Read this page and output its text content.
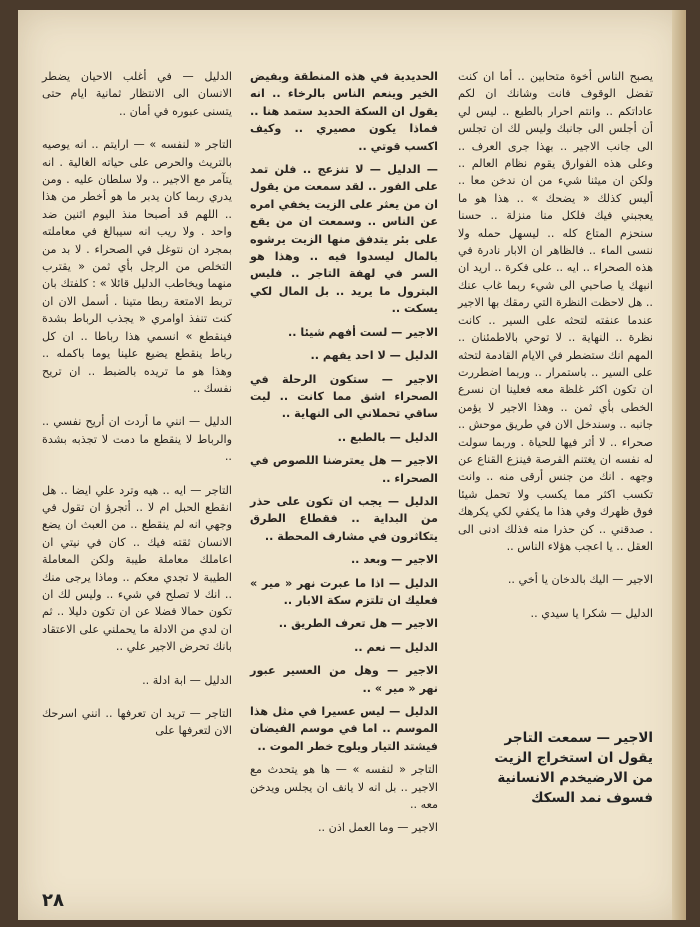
يصبح الناس أخوة متحابين .. أما ان كنت تفضل الوقوف فانت وشانك ان لكم عاداتكم .. وانتم احرار بالطبع .. ليس لي أن أجلس الى جانبك وليس لك ان تجلس الى جانب الاجير .. بهذا جرى العرف .. وعلى هذه الفوارق يقوم نظام العالم .. ولكن ان ميثنا شيء من ان ندخن معا .. أليس كذلك « يضحك » .. هذا هو ما يعجبني فيك فلكل منا منزلة .. حسنا سنحزم المتاع كله .. ليسهل حمله ولا ننسى الماء .. فالظاهر ان الابار نادرة في هذه الصحراء .. ايه .. على فكرة .. اريد ان انبهك يا صاحبي الى شيء ربما غاب عنك .. هل لاحظت النظرة التي رمقك بها الاجير عندما عنفته لتحثه على السير .. كانت نظرة .. النهاية .. لا توحي بالاطمئنان .. المهم انك ستضطر في الايام القادمة لتحثه على السير .. باستمرار .. وربما اضطررت ان تكون اكثر غلظة معه فعلينا ان نسرع الخطى بأي ثمن .. وهذا الاجير لا يؤمن جانبه .. وسندخل الان في طريق موحش .. صحراء .. لا أثر فيها للحياة . وربما سولت له نفسه ان يغتنم الفرصة فينزع القناع عن وجهه . انك من جنس أرقى منه .. وانت تكسب اكثر مما يكسب ولا تحمل شيئا فوق ظهرك وفي هذا ما يكفي لكي يكرهك . صدقني .. كن حذرا منه فذلك ادنى الى العقل .. يا اعجب هؤلاء الناس ..

الاجير — اليك بالدخان يا أخي ..

الدليل — شكرا يا سيدي ..

الاجير — سمعت التاجر يقول ان استخراج الزيت من الارضيخدم الانسانية فسوف نمد السكك

الحديدية في هذه المنطقة وبفيض الخير وينعم الناس بالرخاء .. انه يقول ان السكة الحديد ستمد هنا .. فماذا يكون مصيري .. وكيف اكسب قوتي ..

— الدليل — لا تنزعج .. فلن تمد على الفور .. لقد سمعت من يقول ان من يعثر على الزيت يخفي امره عن الناس .. وسمعت ان من يقع على بئر يتدفق منها الزيت يرشوه بالمال ليسدوا فيه .. وهذا هو السر في لهفة التاجر .. فليس البترول ما يريد .. بل المال لكي يسكت ..

الاجير — لست أفهم شيئا ..

الدليل — لا احد يفهم ..

الاجير — ستكون الرحلة في الصحراء اشق مما كانت .. ليت ساقي تحملاني الى النهاية ..

الدليل — بالطبع ..

الاجير — هل يعترضنا اللصوص في الصحراء ..

الدليل — يجب ان تكون على حذر من البداية .. فقطاع الطرق يتكاثرون في مشارف المحطة ..

الاجير — وبعد ..

الدليل — اذا ما عبرت نهر « مير » فعليك ان تلتزم سكة الابار ..

الاجير — هل تعرف الطريق ..

الدليل — نعم ..

الاجير — وهل من العسير عبور نهر « مير » ..

الدليل — ليس عسيرا في مثل هذا الموسم .. اما في موسم الفيضان فيشتد التيار ويلوح خطر الموت ..

التاجر « لنفسه » — ها هو يتحدث مع الاجير .. بل انه لا يانف ان يجلس ويدخن معه ..

الاجير — وما العمل اذن ..

الدليل — في أغلب الاحيان يضطر الانسان الى الانتظار ثمانية ايام حتى يتسنى عبوره في أمان ..

التاجر « لنفسه » — ارايتم .. انه يوصيه بالتريث والحرص على حياته الغالية . انه يتآمر مع الاجير .. ولا سلطان عليه . ومن يدري ربما كان يدبر ما هو أخطر من هذا .. اللهم قد أصبحا منذ اليوم اثنين ضد واحد . ولا ريب انه سيبالغ في معاملته بمجرد ان نتوغل في الصحراء . لا بد من التخلص من الرجل بأي ثمن « يقترب منهما ويخاطب الدليل قائلا » : كلفتك بان تربط الامتعة ربطا متينا . أسمل الان ان كنت تنفذ اوامري « يجذب الرباط بشدة فينقطع » انسمي هذا رباطا .. ان كل رباط ينقطع يضيع علينا يوما باكمله .. وهذا هو ما تريده بالضبط .. ان تريح نفسك ..

الدليل — انني ما أردت ان أريح نفسي .. والرباط لا ينقطع ما دمت لا تجذبه بشدة ..

التاجر — ايه .. هيه وترد علي ايضا .. هل انقطع الحبل ام لا .. أتجرؤ ان تقول في وجهي انه لم ينقطع .. من العبث ان يضع الانسان ثقته فيك .. كان في نيتي ان اعاملك معاملة طيبة ولكن المعاملة الطيبة لا تجدي معكم .. وماذا يرجى منك .. انك لا تصلح في شيء .. وليس لك ان تكون حمالا فضلا عن ان تكون دليلا .. ثم ان لدي من الادلة ما يحملني على الاعتقاد بانك تحرض الاجير علي ..

الدليل — ابة ادلة ..

التاجر — تريد ان تعرفها .. انني اسرحك الان لتعرفها على

٢٨
